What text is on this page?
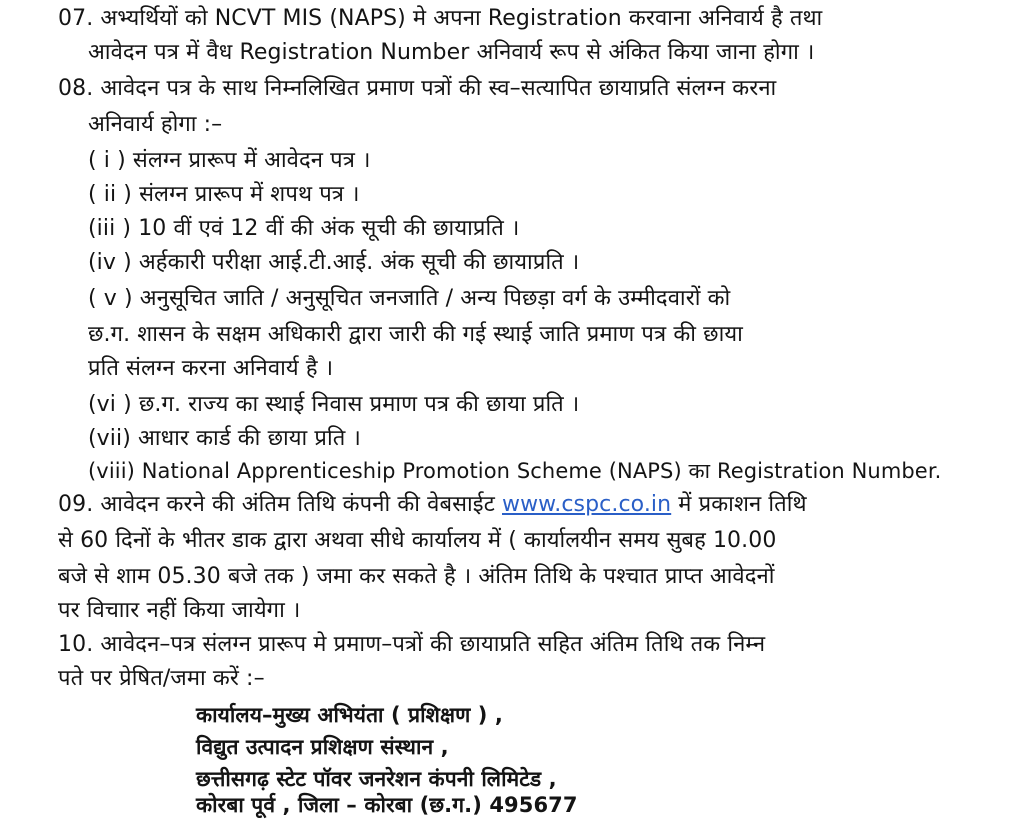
07. अभ्यर्थियों को NCVT MIS (NAPS) मे अपना Registration करवाना अनिवार्य है तथा
आवेदन पत्र में वैध Registration Number अनिवार्य रूप से अंकित किया जाना होगा ।
08. आवेदन पत्र के साथ निम्नलिखित प्रमाण पत्रों की स्व–सत्यापित छायाप्रति संलग्न करना
अनिवार्य होगा :–
( i ) संलग्न प्रारूप में आवेदन पत्र ।
( ii ) संलग्न प्रारूप में शपथ पत्र ।
(iii ) 10 वीं एवं 12 वीं की अंक सूची की छायाप्रति ।
(iv ) अर्हकारी परीक्षा आई.टी.आई. अंक सूची की छायाप्रति ।
( v ) अनुसूचित जाति / अनुसूचित जनजाति / अन्य पिछड़ा वर्ग के उम्मीदवारों को
छ.ग. शासन के सक्षम अधिकारी द्वारा जारी की गई स्थाई जाति प्रमाण पत्र की छाया
प्रति संलग्न करना अनिवार्य है ।
(vi ) छ.ग. राज्य का स्थाई निवास प्रमाण पत्र की छाया प्रति ।
(vii) आधार कार्ड की छाया प्रति ।
(viii) National Apprenticeship Promotion Scheme (NAPS) का Registration Number.
09. आवेदन करने की अंतिम तिथि कंपनी की वेबसाईट www.cspc.co.in में प्रकाशन तिथि
से 60 दिनों के भीतर डाक द्वारा अथवा सीधे कार्यालय में ( कार्यालयीन समय सुबह 10.00
बजे से शाम 05.30 बजे तक ) जमा कर सकते है । अंतिम तिथि के पश्चात प्राप्त आवेदनों
पर विचाार नहीं किया जायेगा ।
10. आवेदन–पत्र संलग्न प्रारूप मे प्रमाण–पत्रों की छायाप्रति सहित अंतिम तिथि तक निम्न
पते पर प्रेषित/जमा करें :–
कार्यालय–मुख्य अभियंता ( प्रशिक्षण ) ,
विद्युत उत्पादन प्रशिक्षण संस्थान ,
छत्तीसगढ़ स्टेट पॉवर जनरेशन कंपनी लिमिटेड ,
कोरबा पूर्व , जिला – कोरबा (छ.ग.) 495677
